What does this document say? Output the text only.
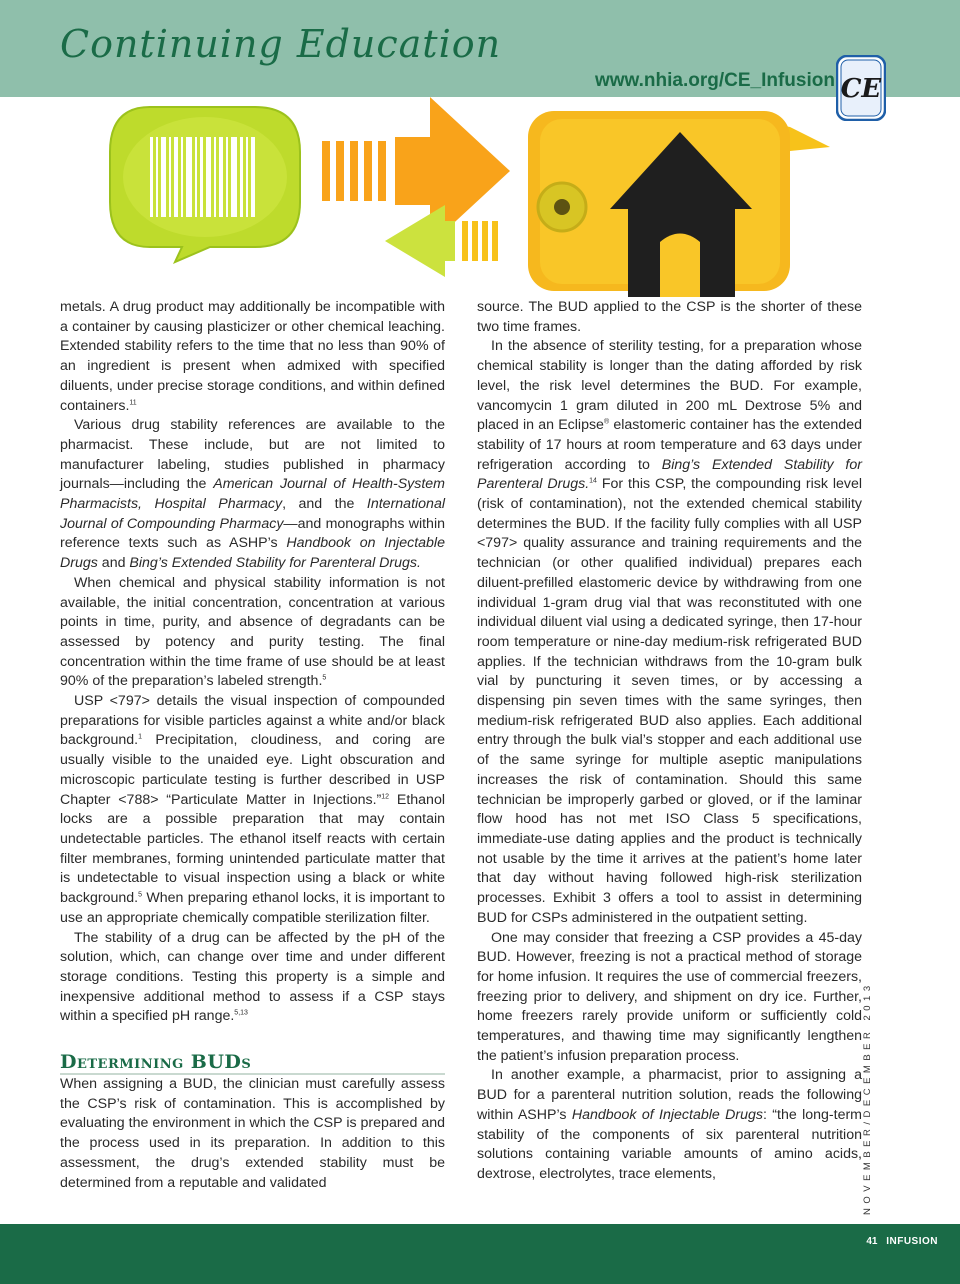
Continuing Education
www.nhia.org/CE_Infusion CE

metals. A drug product may additionally be incompatible with a container by causing plasticizer or other chemical leaching. Extended stability refers to the time that no less than 90% of an ingredient is present when admixed with specified diluents, under precise storage conditions, and within defined containers.$^{11}$

Various drug stability references are available to the pharmacist. These include, but are not limited to manufacturer labeling, studies published in pharmacy journals—including the American Journal of Health-System Pharmacists, Hospital Pharmacy, and the International Journal of Compounding Pharmacy—and monographs within reference texts such as ASHP’s Handbook on Injectable Drugs and Bing’s Extended Stability for Parenteral Drugs.

When chemical and physical stability information is not available, the initial concentration, concentration at various points in time, purity, and absence of degradants can be assessed by potency and purity testing. The final concentration within the time frame of use should be at least 90% of the preparation’s labeled strength.$^5$

USP <797> details the visual inspection of compounded preparations for visible particles against a white and/or black background.$^1$ Precipitation, cloudiness, and coring are usually visible to the unaided eye. Light obscuration and microscopic particulate testing is further described in USP Chapter <788> “Particulate Matter in Injections.”$^{12}$ Ethanol locks are a possible preparation that may contain undetectable particles. The ethanol itself reacts with certain filter membranes, forming unintended particulate matter that is undetectable to visual inspection using a black or white background.$^5$ When preparing ethanol locks, it is important to use an appropriate chemically compatible sterilization filter.

The stability of a drug can be affected by the pH of the solution, which, can change over time and under different storage conditions. Testing this property is a simple and inexpensive additional method to assess if a CSP stays within a specified pH range.$^{5,13}$

Determining BUDs

When assigning a BUD, the clinician must carefully assess the CSP’s risk of contamination. This is accomplished by evaluating the environment in which the CSP is prepared and the process used in its preparation. In addition to this assessment, the drug’s extended stability must be determined from a reputable and validated

source. The BUD applied to the CSP is the shorter of these two time frames.

In the absence of sterility testing, for a preparation whose chemical stability is longer than the dating afforded by risk level, the risk level determines the BUD. For example, vancomycin 1 gram diluted in 200 mL Dextrose 5% and placed in an Eclipse® elastomeric container has the extended stability of 17 hours at room temperature and 63 days under refrigeration according to Bing’s Extended Stability for Parenteral Drugs.$^{14}$ For this CSP, the compounding risk level (risk of contamination), not the extended chemical stability determines the BUD. If the facility fully complies with all USP <797> quality assurance and training requirements and the technician (or other qualified individual) prepares each diluent-prefilled elastomeric device by withdrawing from one individual 1-gram drug vial that was reconstituted with one individual diluent vial using a dedicated syringe, then 17-hour room temperature or nine-day medium-risk refrigerated BUD applies. If the technician withdraws from the 10-gram bulk vial by puncturing it seven times, or by accessing a dispensing pin seven times with the same syringes, then medium-risk refrigerated BUD also applies. Each additional entry through the bulk vial’s stopper and each additional use of the same syringe for multiple aseptic manipulations increases the risk of contamination. Should this same technician be improperly garbed or gloved, or if the laminar flow hood has not met ISO Class 5 specifications, immediate-use dating applies and the product is technically not usable by the time it arrives at the patient’s home later that day without having followed high-risk sterilization processes. Exhibit 3 offers a tool to assist in determining BUD for CSPs administered in the outpatient setting.

One may consider that freezing a CSP provides a 45-day BUD. However, freezing is not a practical method of storage for home infusion. It requires the use of commercial freezers, freezing prior to delivery, and shipment on dry ice. Further, home freezers rarely provide uniform or sufficiently cold temperatures, and thawing time may significantly lengthen the patient’s infusion preparation process.

In another example, a pharmacist, prior to assigning a BUD for a parenteral nutrition solution, reads the following within ASHP’s Handbook of Injectable Drugs: “the long-term stability of the components of six parenteral nutrition solutions containing variable amounts of amino acids, dextrose, electrolytes, trace elements,	NOVEMBER/DECEMBER 2013
41 INFUSION
